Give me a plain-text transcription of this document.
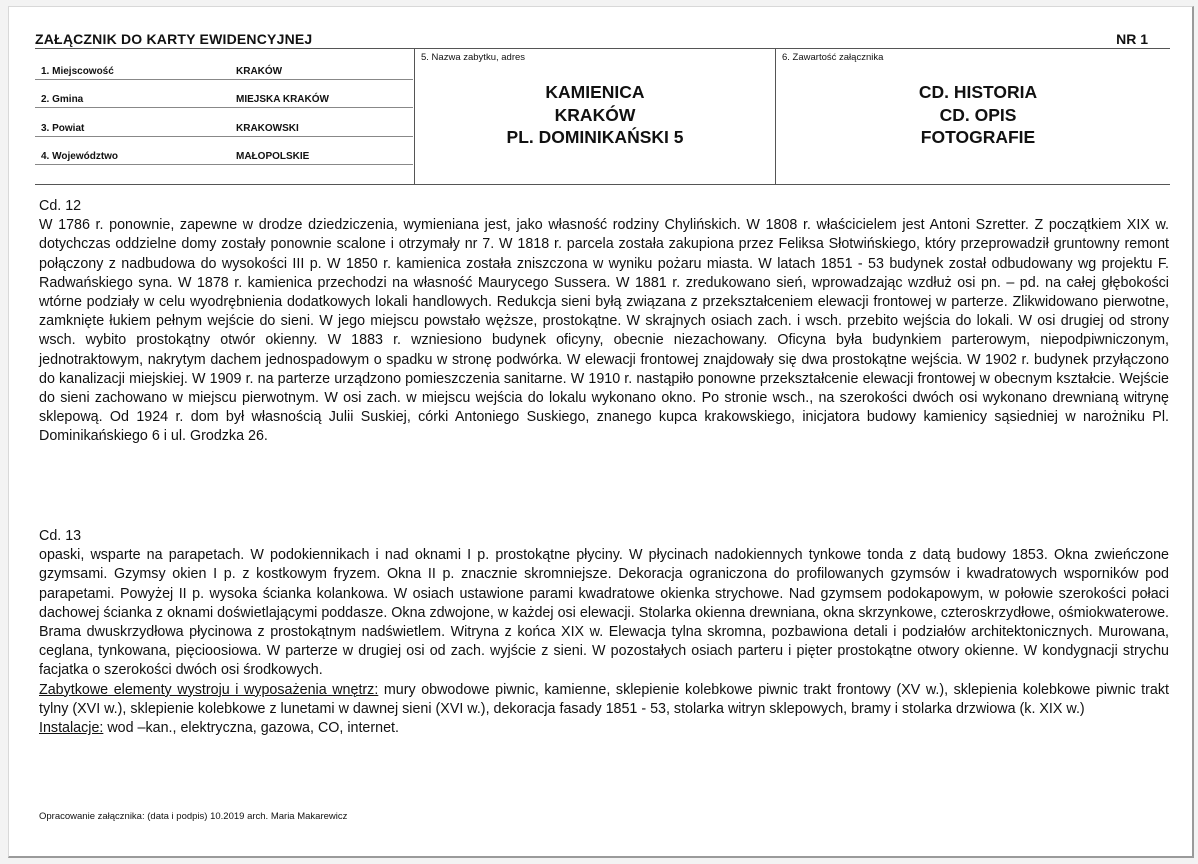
ZAŁĄCZNIK DO KARTY EWIDENCYJNEJ	NR 1
1. Miejscowość	KRAKÓW
2. Gmina	MIEJSKA KRAKÓW
3. Powiat	KRAKOWSKI
4. Województwo	MAŁOPOLSKIE
5. Nazwa zabytku, adres
KAMIENICA
KRAKÓW
PL. DOMINIKAŃSKI 5
6. Zawartość załącznika
CD. HISTORIA
CD. OPIS
FOTOGRAFIE

Cd. 12

W 1786 r. ponownie, zapewne w drodze dziedziczenia, wymieniana jest, jako własność rodziny Chylińskich. W 1808 r. właścicielem jest Antoni Szretter. Z początkiem XIX w. dotychczas oddzielne domy zostały ponownie scalone i otrzymały nr 7. W 1818 r. parcela została zakupiona przez Feliksa Słotwińskiego, który przeprowadził gruntowny remont połączony z nadbudowa do wysokości III p. W 1850 r. kamienica została zniszczona w wyniku pożaru miasta. W latach 1851 - 53 budynek został odbudowany wg projektu F. Radwańskiego syna. W 1878 r. kamienica przechodzi na własność Maurycego Sussera. W 1881 r. zredukowano sień, wprowadzając wzdłuż osi pn. – pd. na całej głębokości wtórne podziały w celu wyodrębnienia dodatkowych lokali handlowych. Redukcja sieni byłą związana z przekształceniem elewacji frontowej w parterze. Zlikwidowano pierwotne, zamknięte łukiem pełnym wejście do sieni. W jego miejscu powstało węższe, prostokątne. W skrajnych osiach zach. i wsch. przebito wejścia do lokali. W osi drugiej od strony wsch. wybito prostokątny otwór okienny. W 1883 r. wzniesiono budynek oficyny, obecnie niezachowany. Oficyna była budynkiem parterowym, niepodpiwniczonym, jednotraktowym, nakrytym dachem jednospadowym o spadku w stronę podwórka. W elewacji frontowej znajdowały się dwa prostokątne wejścia. W 1902 r. budynek przyłączono do kanalizacji miejskiej. W 1909 r. na parterze urządzono pomieszczenia sanitarne. W 1910 r. nastąpiło ponowne przekształcenie elewacji frontowej w obecnym kształcie. Wejście do sieni zachowano w miejscu pierwotnym. W osi zach. w miejscu wejścia do lokalu wykonano okno. Po stronie wsch., na szerokości dwóch osi wykonano drewnianą witrynę sklepową. Od 1924 r. dom był własnością Julii Suskiej, córki Antoniego Suskiego, znanego kupca krakowskiego, inicjatora budowy kamienicy sąsiedniej w narożniku Pl. Dominikańskiego 6 i ul. Grodzka 26.

Cd. 13

opaski, wsparte na parapetach. W podokiennikach i nad oknami I p. prostokątne płyciny. W płycinach nadokiennych tynkowe tonda z datą budowy 1853. Okna zwieńczone gzymsami. Gzymsy okien I p. z kostkowym fryzem. Okna II p. znacznie skromniejsze. Dekoracja ograniczona do profilowanych gzymsów i kwadratowych wsporników pod parapetami. Powyżej II p. wysoka ścianka kolankowa. W osiach ustawione parami kwadratowe okienka strychowe. Nad gzymsem podokapowym, w połowie szerokości połaci dachowej ścianka z oknami doświetlającymi poddasze. Okna zdwojone, w każdej osi elewacji. Stolarka okienna drewniana, okna skrzynkowe, czteroskrzydłowe, ośmiokwaterowe. Brama dwuskrzydłowa płycinowa z prostokątnym nadświetlem. Witryna z końca XIX w. Elewacja tylna skromna, pozbawiona detali i podziałów architektonicznych. Murowana, ceglana, tynkowana, pięcioosiowa. W parterze w drugiej osi od zach. wyjście z sieni. W pozostałych osiach parteru i pięter prostokątne otwory okienne. W kondygnacji strychu facjatka o szerokości dwóch osi środkowych.

Zabytkowe elementy wystroju i wyposażenia wnętrz: mury obwodowe piwnic, kamienne, sklepienie kolebkowe piwnic trakt frontowy (XV w.), sklepienia kolebkowe piwnic trakt tylny (XVI w.), sklepienie kolebkowe z lunetami w dawnej sieni (XVI w.), dekoracja fasady 1851 - 53, stolarka witryn sklepowych, bramy i stolarka drzwiowa (k. XIX w.)

Instalacje: wod –kan., elektryczna, gazowa, CO, internet.

Opracowanie załącznika: (data i podpis) 10.2019 arch. Maria Makarewicz
